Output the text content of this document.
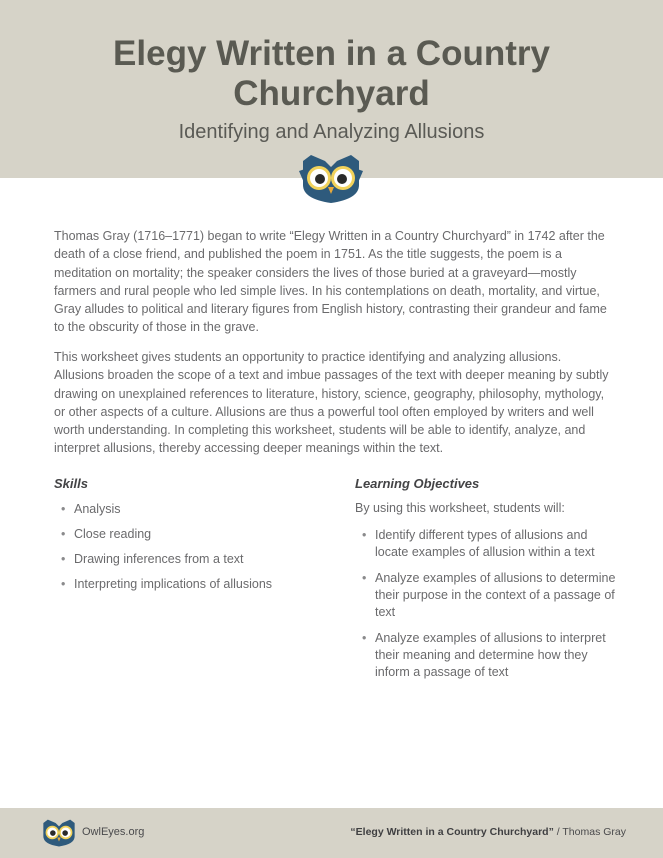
Elegy Written in a Country Churchyard
Identifying and Analyzing Allusions

Thomas Gray (1716–1771) began to write “Elegy Written in a Country Churchyard” in 1742 after the death of a close friend, and published the poem in 1751. As the title suggests, the poem is a meditation on mortality; the speaker considers the lives of those buried at a graveyard—mostly farmers and rural people who led simple lives. In his contemplations on death, mortality, and virtue, Gray alludes to political and literary figures from English history, contrasting their grandeur and fame to the obscurity of those in the grave.

This worksheet gives students an opportunity to practice identifying and analyzing allusions. Allusions broaden the scope of a text and imbue passages of the text with deeper meaning by subtly drawing on unexplained references to literature, history, science, geography, philosophy, mythology, or other aspects of a culture. Allusions are thus a powerful tool often employed by writers and well worth understanding. In completing this worksheet, students will be able to identify, analyze, and interpret allusions, thereby accessing deeper meanings within the text.

Skills
• Analysis
• Close reading
• Drawing inferences from a text
• Interpreting implications of allusions
Learning Objectives
By using this worksheet, students will:
• Identify different types of allusions and locate examples of allusion within a text
• Analyze examples of allusions to determine their purpose in the context of a passage of text
• Analyze examples of allusions to interpret their meaning and determine how they inform a passage of text
OwlEyes.org	“Elegy Written in a Country Churchyard” / Thomas Gray
